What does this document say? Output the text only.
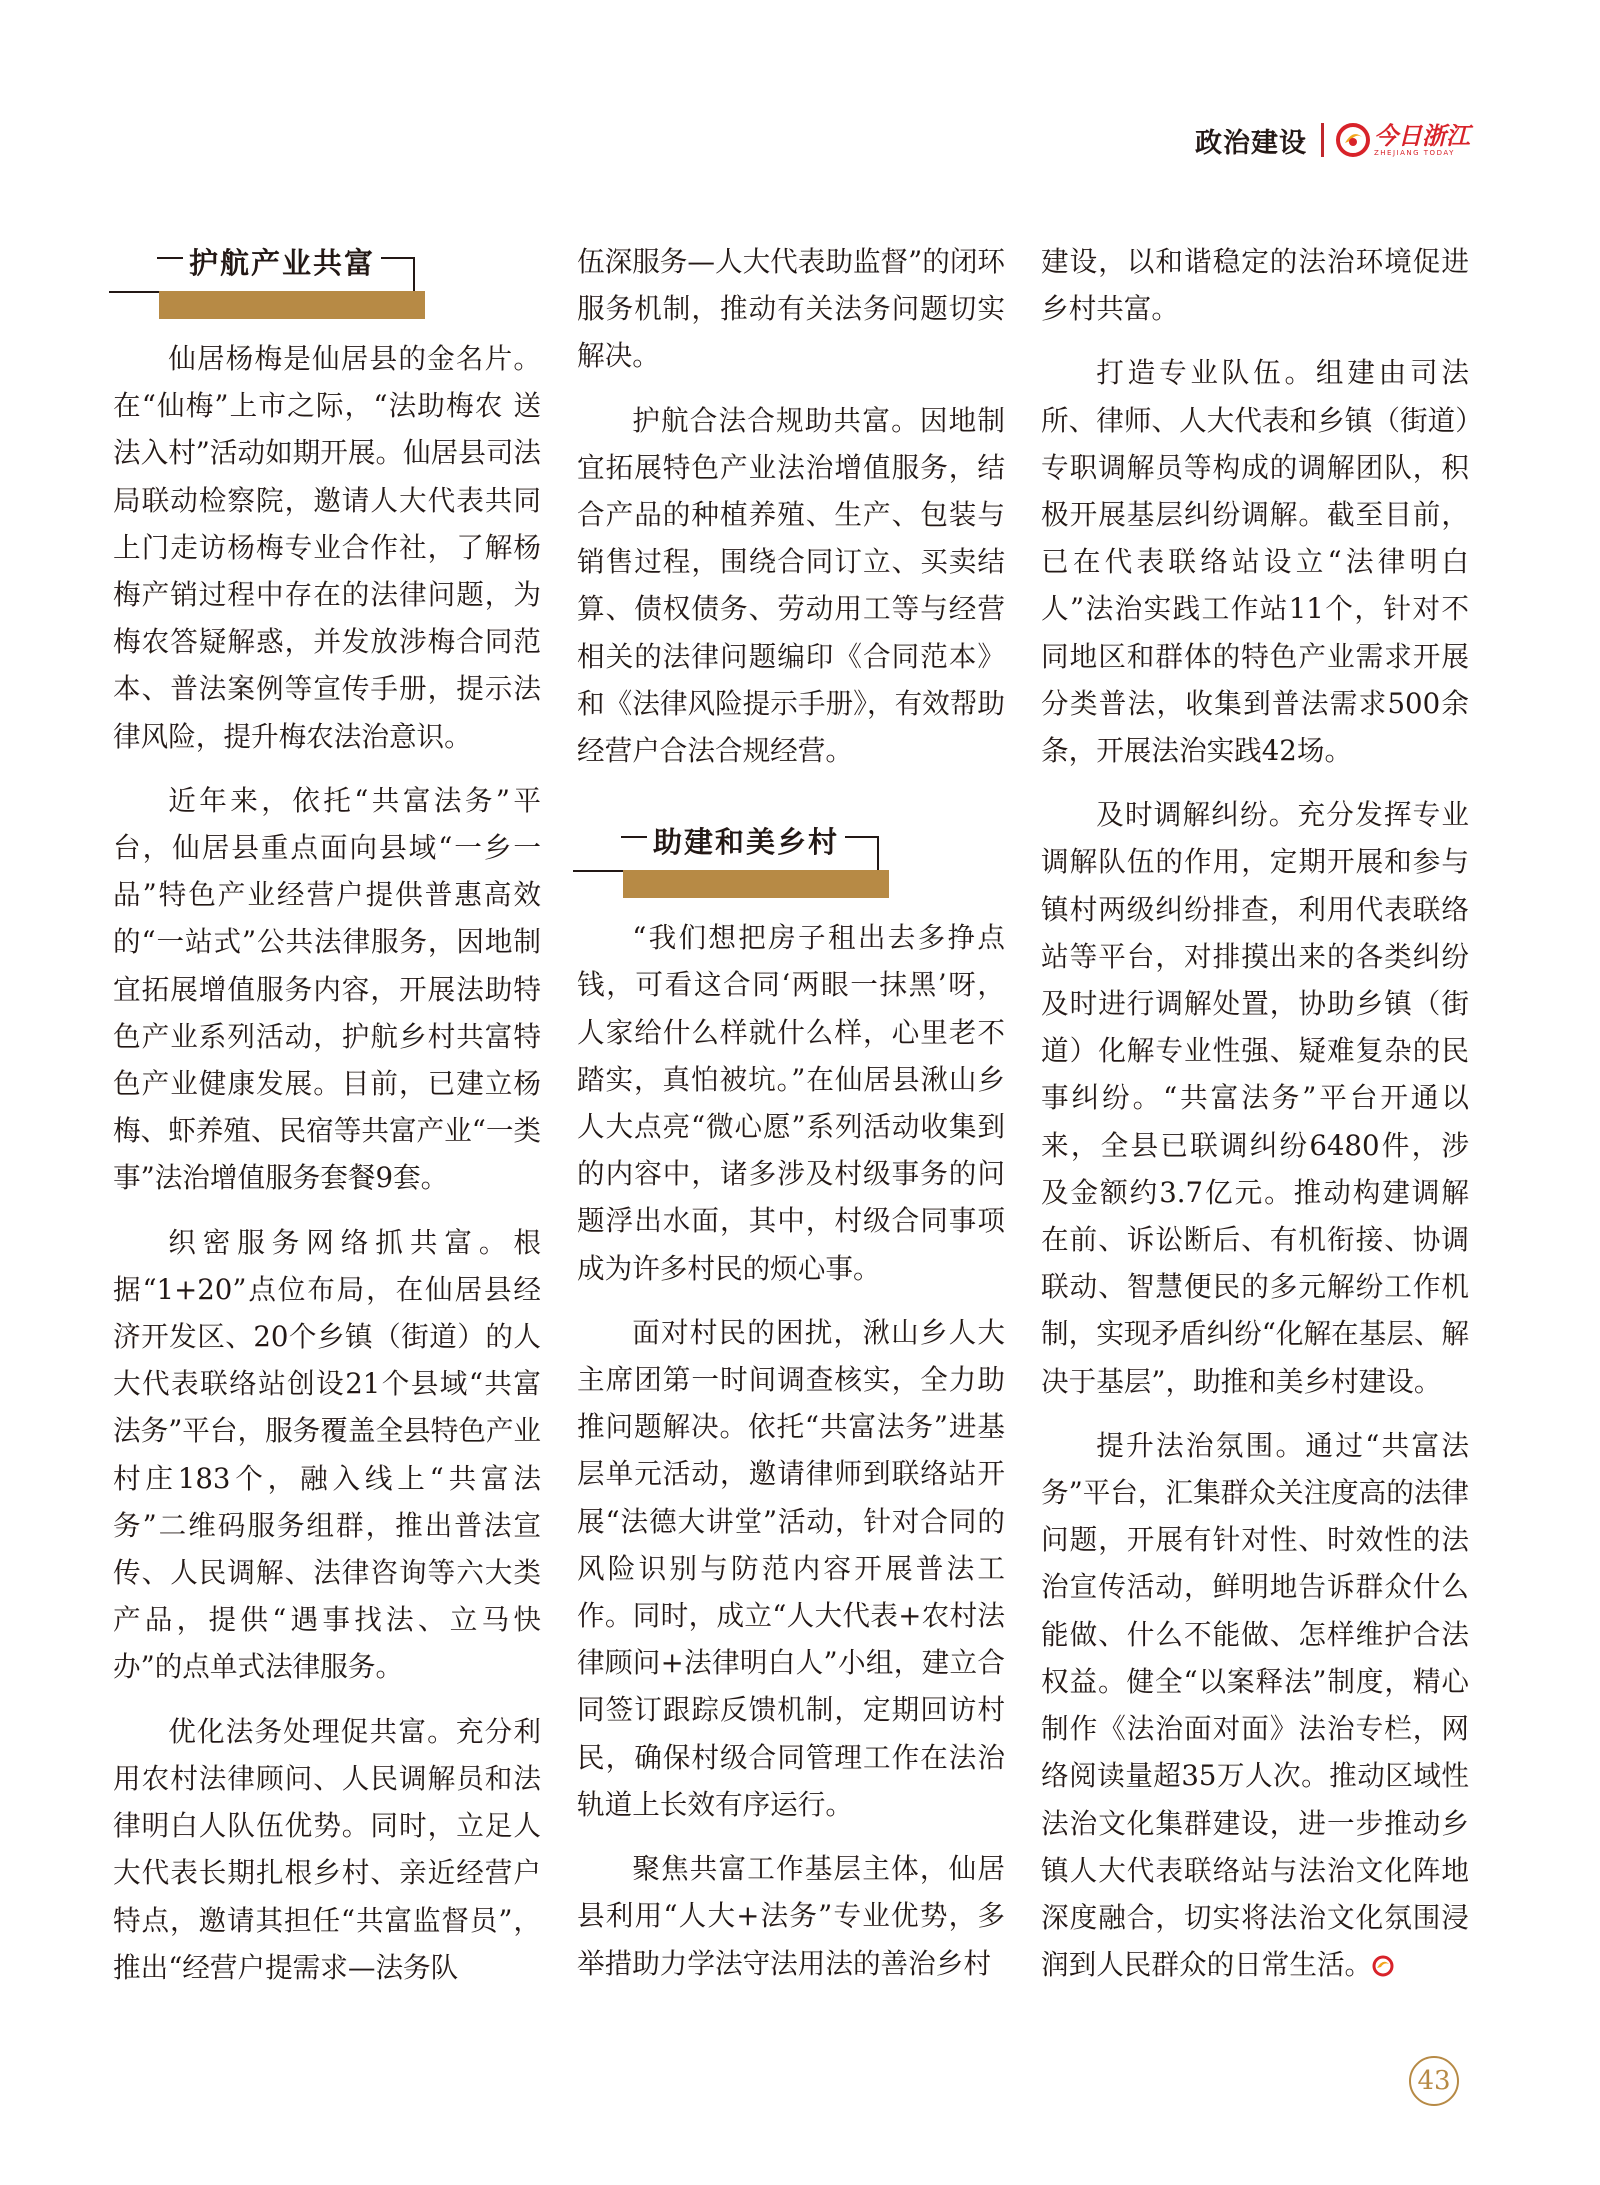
政治建设	今日浙江
ZHEJIANG TODAY
护航产业共富

仙居杨梅是仙居县的金名片。在“仙梅”上市之际，“法助梅农 送法入村”活动如期开展。仙居县司法局联动检察院，邀请人大代表共同上门走访杨梅专业合作社，了解杨梅产销过程中存在的法律问题，为梅农答疑解惑，并发放涉梅合同范本、普法案例等宣传手册，提示法律风险，提升梅农法治意识。

近年来，依托“共富法务”平台，仙居县重点面向县域“一乡一品”特色产业经营户提供普惠高效的“一站式”公共法律服务，因地制宜拓展增值服务内容，开展法助特色产业系列活动，护航乡村共富特色产业健康发展。目前，已建立杨梅、虾养殖、民宿等共富产业“一类事”法治增值服务套餐9套。

织密服务网络抓共富。根据“1+20”点位布局，在仙居县经济开发区、20个乡镇（街道）的人大代表联络站创设21个县域“共富法务”平台，服务覆盖全县特色产业村庄183个，融入线上“共富法务”二维码服务组群，推出普法宣传、人民调解、法律咨询等六大类产品，提供“遇事找法、立马快办”的点单式法律服务。

优化法务处理促共富。充分利用农村法律顾问、人民调解员和法律明白人队伍优势。同时，立足人大代表长期扎根乡村、亲近经营户特点，邀请其担任“共富监督员”，推出“经营户提需求—法务队

伍深服务—人大代表助监督”的闭环服务机制，推动有关法务问题切实解决。

护航合法合规助共富。因地制宜拓展特色产业法治增值服务，结合产品的种植养殖、生产、包装与销售过程，围绕合同订立、买卖结算、债权债务、劳动用工等与经营相关的法律问题编印《合同范本》和《法律风险提示手册》，有效帮助经营户合法合规经营。

助建和美乡村

“我们想把房子租出去多挣点钱，可看这合同‘两眼一抹黑’呀，人家给什么样就什么样，心里老不踏实，真怕被坑。”在仙居县湫山乡人大点亮“微心愿”系列活动收集到的内容中，诸多涉及村级事务的问题浮出水面，其中，村级合同事项成为许多村民的烦心事。

面对村民的困扰，湫山乡人大主席团第一时间调查核实，全力助推问题解决。依托“共富法务”进基层单元活动，邀请律师到联络站开展“法德大讲堂”活动，针对合同的风险识别与防范内容开展普法工作。同时，成立“人大代表+农村法律顾问+法律明白人”小组，建立合同签订跟踪反馈机制，定期回访村民，确保村级合同管理工作在法治轨道上长效有序运行。

聚焦共富工作基层主体，仙居县利用“人大+法务”专业优势，多举措助力学法守法用法的善治乡村

建设，以和谐稳定的法治环境促进乡村共富。

打造专业队伍。组建由司法所、律师、人大代表和乡镇（街道）专职调解员等构成的调解团队，积极开展基层纠纷调解。截至目前，已在代表联络站设立“法律明白人”法治实践工作站11个，针对不同地区和群体的特色产业需求开展分类普法，收集到普法需求500余条，开展法治实践42场。

及时调解纠纷。充分发挥专业调解队伍的作用，定期开展和参与镇村两级纠纷排查，利用代表联络站等平台，对排摸出来的各类纠纷及时进行调解处置，协助乡镇（街道）化解专业性强、疑难复杂的民事纠纷。“共富法务”平台开通以来，全县已联调纠纷6480件，涉及金额约3.7亿元。推动构建调解在前、诉讼断后、有机衔接、协调联动、智慧便民的多元解纷工作机制，实现矛盾纠纷“化解在基层、解决于基层”，助推和美乡村建设。

提升法治氛围。通过“共富法务”平台，汇集群众关注度高的法律问题，开展有针对性、时效性的法治宣传活动，鲜明地告诉群众什么能做、什么不能做、怎样维护合法权益。健全“以案释法”制度，精心制作《法治面对面》法治专栏，网络阅读量超35万人次。推动区域性法治文化集群建设，进一步推动乡镇人大代表联络站与法治文化阵地深度融合，切实将法治文化氛围浸润到人民群众的日常生活。

43
